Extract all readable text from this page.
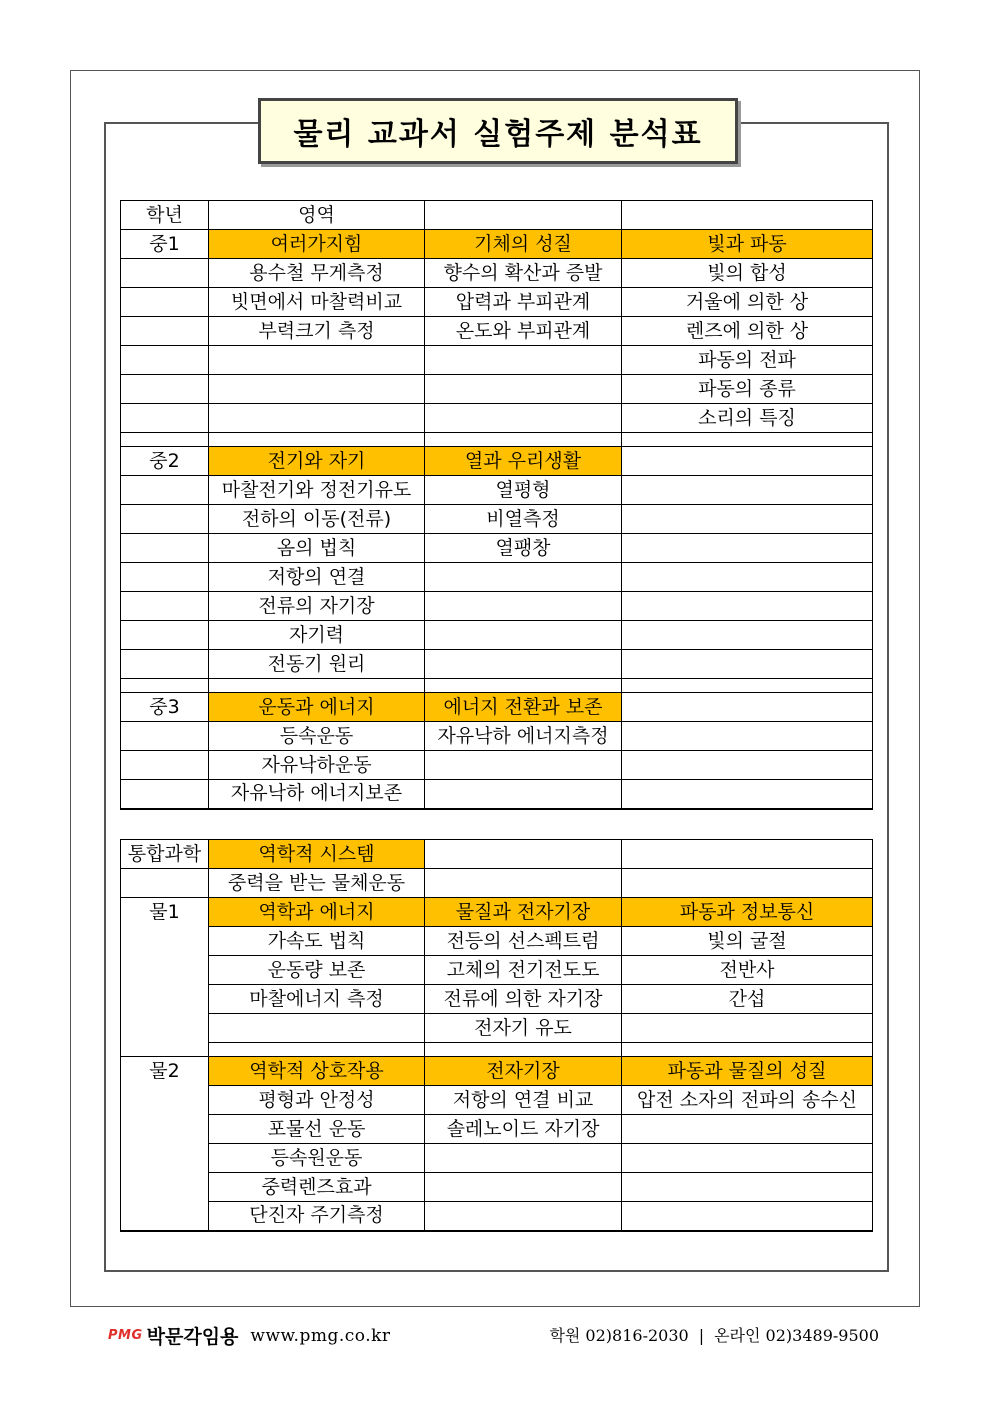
물리 교과서 실험주제 분석표
학년	영역		
중1	여러가지힘	기체의 성질	빛과 파동
	용수철 무게측정	향수의 확산과 증발	빛의 합성
	빗면에서 마찰력비교	압력과 부피관계	거울에 의한 상
	부력크기 측정	온도와 부피관계	렌즈에 의한 상
			파동의 전파
			파동의 종류
			소리의 특징

중2	전기와 자기	열과 우리생활	
	마찰전기와 정전기유도	열평형	
	전하의 이동(전류)	비열측정	
	옴의 법칙	열팽창	
	저항의 연결		
	전류의 자기장		
	자기력		
	전동기 원리		

중3	운동과 에너지	에너지 전환과 보존	
	등속운동	자유낙하 에너지측정	
	자유낙하운동		
	자유낙하 에너지보존		
통합과학	역학적 시스템		
	중력을 받는 물체운동		
물1	역학과 에너지	물질과 전자기장	파동과 정보통신
	가속도 법칙	전등의 선스펙트럼	빛의 굴절
	운동량 보존	고체의 전기전도도	전반사
	마찰에너지 측정	전류에 의한 자기장	간섭
		전자기 유도	

물2	역학적 상호작용	전자기장	파동과 물질의 성질
	평형과 안정성	저항의 연결 비교	압전 소자의 전파의 송수신
	포물선 운동	솔레노이드 자기장	
	등속원운동		
	중력렌즈효과		
	단진자 주기측정		
PMG 박문각임용 www.pmg.co.kr	학원 02)816-2030 | 온라인 02)3489-9500
